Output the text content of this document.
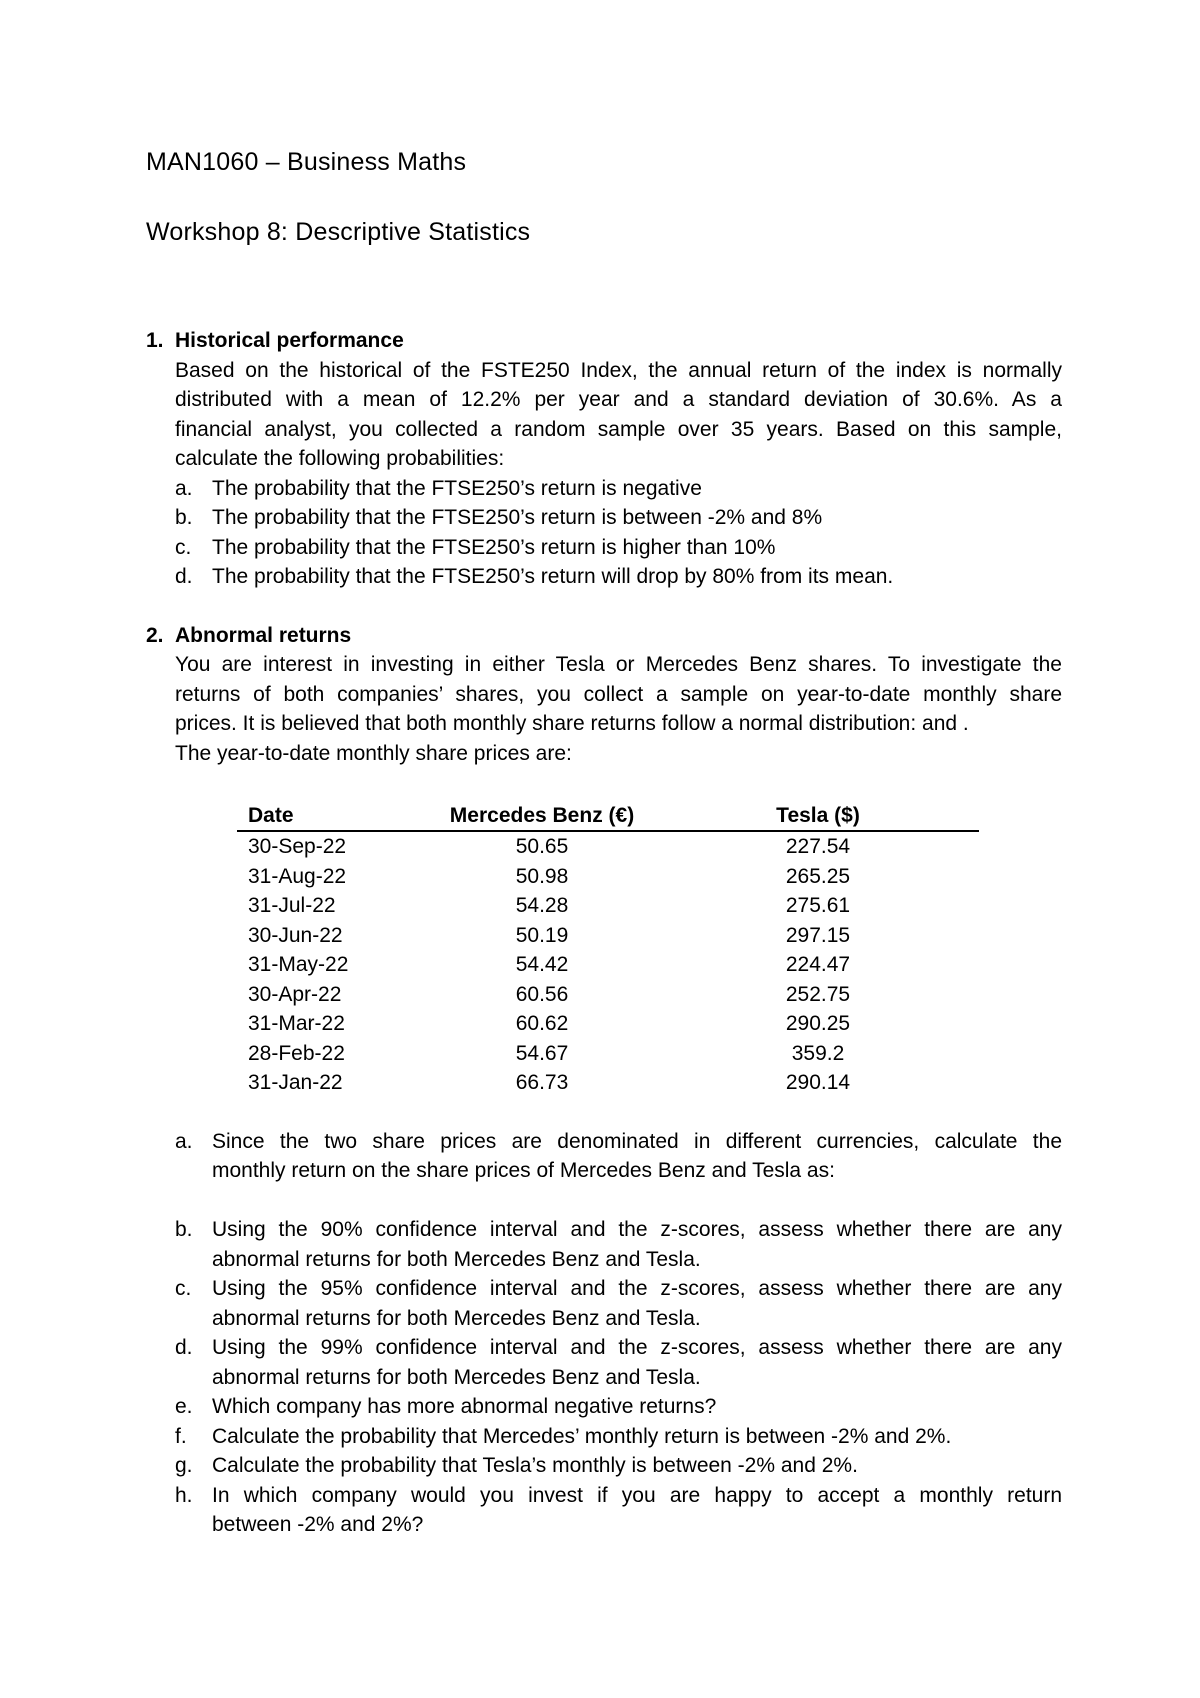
MAN1060 – Business Maths
Workshop 8: Descriptive Statistics
1. Historical performance
Based on the historical of the FSTE250 Index, the annual return of the index is normally
distributed with a mean of 12.2% per year and a standard deviation of 30.6%. As a
financial analyst, you collected a random sample over 35 years. Based on this sample,
calculate the following probabilities:
a. The probability that the FTSE250’s return is negative
b. The probability that the FTSE250’s return is between -2% and 8%
c. The probability that the FTSE250’s return is higher than 10%
d. The probability that the FTSE250’s return will drop by 80% from its mean.
2. Abnormal returns
You are interest in investing in either Tesla or Mercedes Benz shares. To investigate the
returns of both companies’ shares, you collect a sample on year-to-date monthly share
prices. It is believed that both monthly share returns follow a normal distribution: and .
The year-to-date monthly share prices are:
Date	Mercedes Benz (€)	Tesla ($)
30-Sep-22	50.65	227.54
31-Aug-22	50.98	265.25
31-Jul-22	54.28	275.61
30-Jun-22	50.19	297.15
31-May-22	54.42	224.47
30-Apr-22	60.56	252.75
31-Mar-22	60.62	290.25
28-Feb-22	54.67	359.2
31-Jan-22	66.73	290.14
a. Since the two share prices are denominated in different currencies, calculate the
monthly return on the share prices of Mercedes Benz and Tesla as:
b. Using the 90% confidence interval and the z-scores, assess whether there are any
abnormal returns for both Mercedes Benz and Tesla.
c. Using the 95% confidence interval and the z-scores, assess whether there are any
abnormal returns for both Mercedes Benz and Tesla.
d. Using the 99% confidence interval and the z-scores, assess whether there are any
abnormal returns for both Mercedes Benz and Tesla.
e. Which company has more abnormal negative returns?
f. Calculate the probability that Mercedes’ monthly return is between -2% and 2%.
g. Calculate the probability that Tesla’s monthly is between -2% and 2%.
h. In which company would you invest if you are happy to accept a monthly return
between -2% and 2%?
